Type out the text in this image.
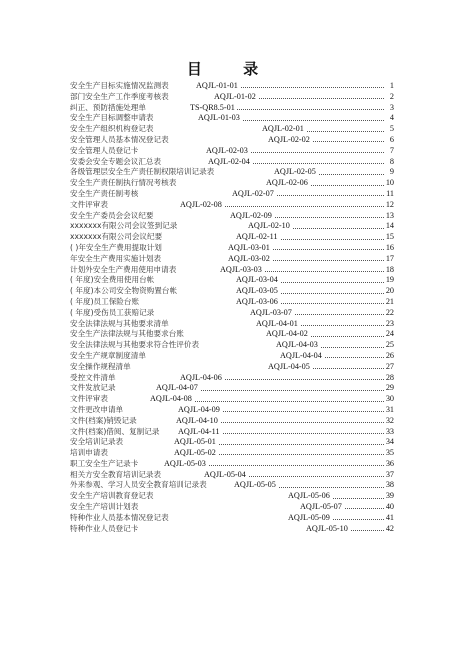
目 录
安全生产目标实施情况监测表	AQJL-01-01	1
部门安全生产工作季度考核表	AQJL-01-02	2
纠正、预防措施处理单	TS-QR8.5-01	3
安全生产目标调整申请表	AQJL-01-03	4
安全生产组织机构登记表	AQJL-02-01	5
安全管理人员基本情况登记表	AQJL-02-02	6
安全管理人员登记卡	AQJL-02-03	7
安委会安全专题会议汇总表	AQJL-02-04	8
各级管理层安全生产责任制权限培训记录表	AQJL-02-05	9
安全生产责任制执行情况考核表	AQJL-02-06	10
安全生产责任制考核	AQJL-02-07	11
文件评审表	AQJL-02-08	12
安全生产委员会会议纪要	AQJL-02-09	13
xxxxxxx有限公司会议签到记录	AQJL-02-10	14
xxxxxxx有限公司会议纪要	AQJL-02-11	15
( )年安全生产费用提取计划	AQJL-03-01	16
年安全生产费用实施计划表	AQJL-03-02	17
计划外安全生产费用使用申请表	AQJL-03-03	18
( 年度)安全费用使用台帐	AQJL-03-04	19
( 年度)本公司安全物资购置台帐	AQJL-03-05	20
( 年度)员工保险台账	AQJL-03-06	21
( 年度)受伤员工获赔记录	AQJL-03-07	22
安全法律法规与其他要求清单	AQJL-04-01	23
安全生产法律法规与其他要求台账	AQJL-04-02	24
安全法律法规与其他要求符合性评价表	AQJL-04-03	25
安全生产规章制度清单	AQJL-04-04	26
安全操作规程清单	AQJL-04-05	27
受控文件清单	AQJL-04-06	28
文件发放记录	AQJL-04-07	29
文件评审表	AQJL-04-08	30
文件更改申请单	AQJL-04-09	31
文件(档案)销毁记录	AQJL-04-10	32
文件(档案)借阅、复制记录 AQJL-04-11	33
安全培训记录表	AQJL-05-01	34
培训申请表	AQJL-05-02	35
职工安全生产记录卡	AQJL-05-03	36
相关方安全教育培训记录表	AQJL-05-04	37
外来参观、学习人员安全教育培训记录表	AQJL-05-05	38
安全生产培训教育登记表	AQJL-05-06	39
安全生产培训计划表	AQJL-05-07	40
特种作业人员基本情况登记表	AQJL-05-09	41
特种作业人员登记卡	AQJL-05-10	42
